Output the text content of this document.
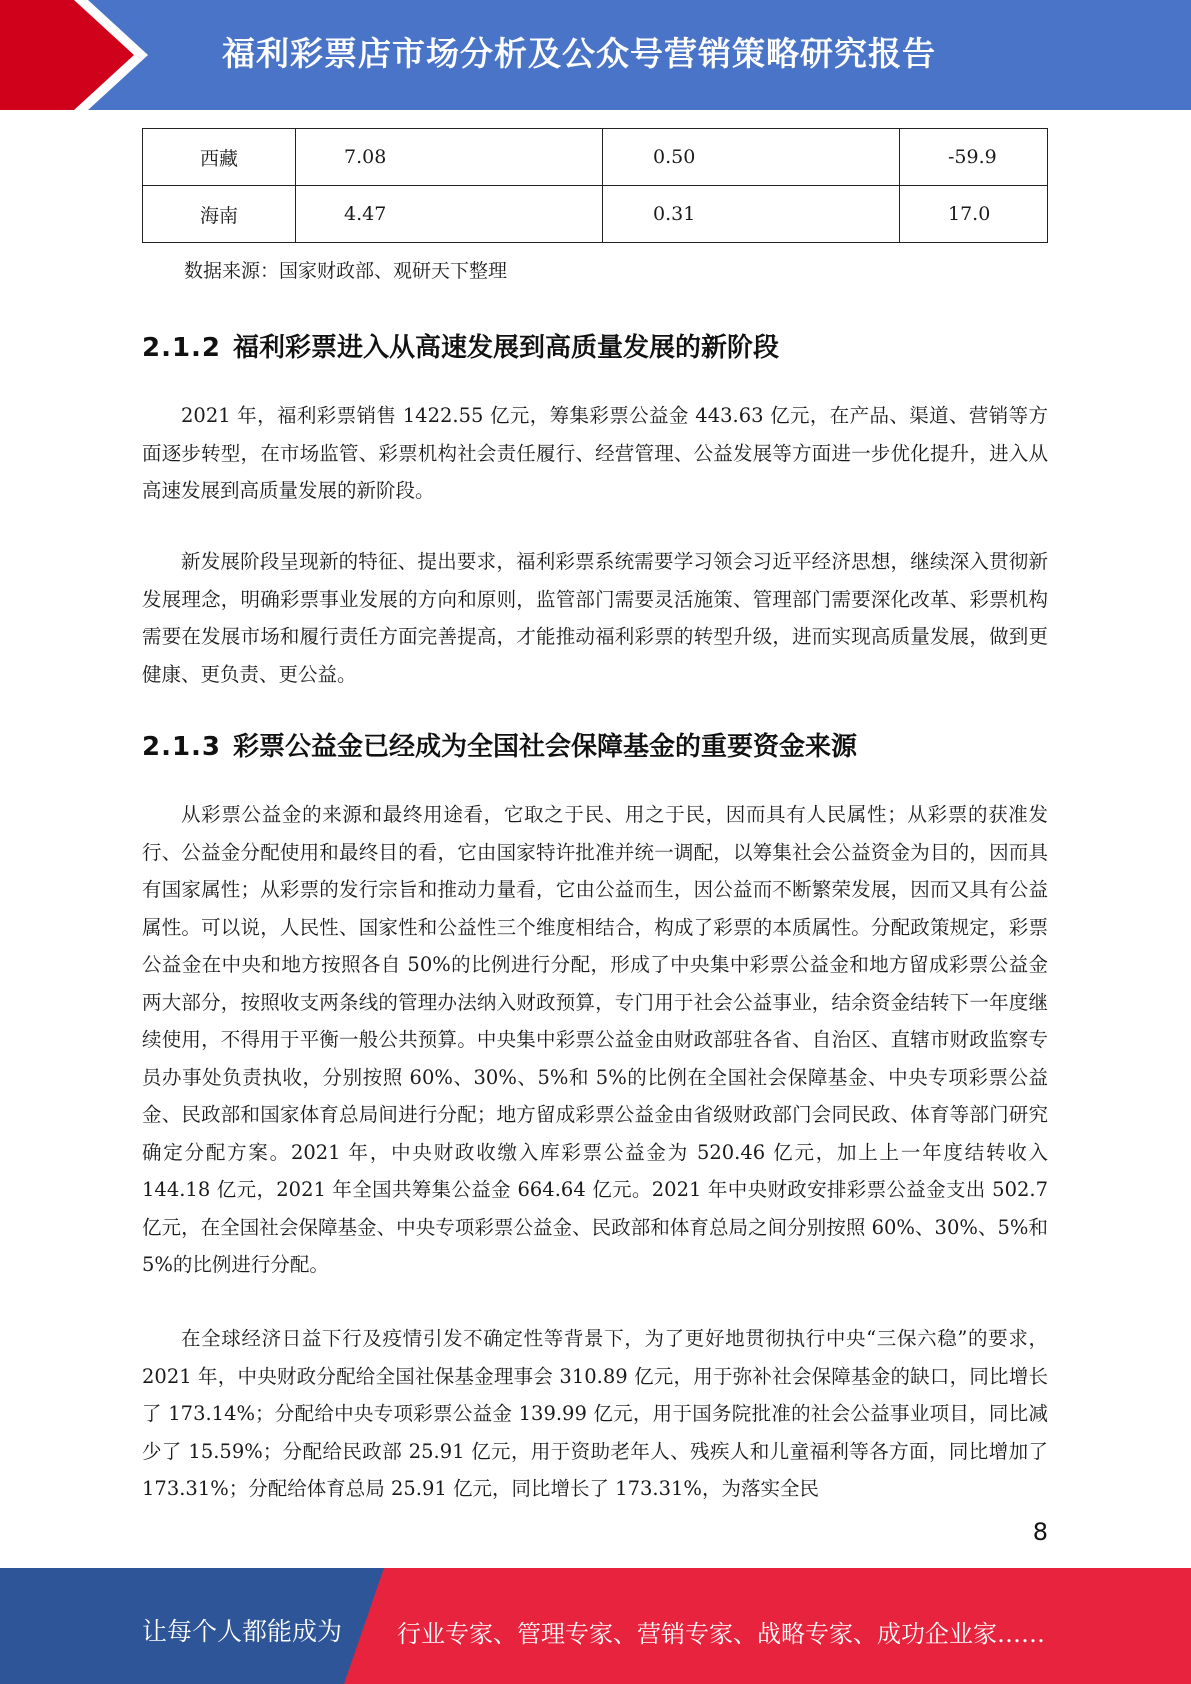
福利彩票店市场分析及公众号营销策略研究报告
西藏	7.08	0.50	-59.9
海南	4.47	0.31	17.0
数据来源：国家财政部、观研天下整理
2.1.2 福利彩票进入从高速发展到高质量发展的新阶段

2021 年，福利彩票销售 1422.55 亿元，筹集彩票公益金 443.63 亿元，在产品、渠道、营销等方面逐步转型，在市场监管、彩票机构社会责任履行、经营管理、公益发展等方面进一步优化提升，进入从高速发展到高质量发展的新阶段。

新发展阶段呈现新的特征、提出要求，福利彩票系统需要学习领会习近平经济思想，继续深入贯彻新发展理念，明确彩票事业发展的方向和原则，监管部门需要灵活施策、管理部门需要深化改革、彩票机构需要在发展市场和履行责任方面完善提高，才能推动福利彩票的转型升级，进而实现高质量发展，做到更健康、更负责、更公益。

2.1.3 彩票公益金已经成为全国社会保障基金的重要资金来源

从彩票公益金的来源和最终用途看，它取之于民、用之于民，因而具有人民属性；从彩票的获准发行、公益金分配使用和最终目的看，它由国家特许批准并统一调配，以筹集社会公益资金为目的，因而具有国家属性；从彩票的发行宗旨和推动力量看，它由公益而生，因公益而不断繁荣发展，因而又具有公益属性。可以说，人民性、国家性和公益性三个维度相结合，构成了彩票的本质属性。分配政策规定，彩票公益金在中央和地方按照各自 50%的比例进行分配，形成了中央集中彩票公益金和地方留成彩票公益金两大部分，按照收支两条线的管理办法纳入财政预算，专门用于社会公益事业，结余资金结转下一年度继续使用，不得用于平衡一般公共预算。中央集中彩票公益金由财政部驻各省、自治区、直辖市财政监察专员办事处负责执收，分别按照 60%、30%、5%和 5%的比例在全国社会保障基金、中央专项彩票公益金、民政部和国家体育总局间进行分配；地方留成彩票公益金由省级财政部门会同民政、体育等部门研究确定分配方案。2021 年，中央财政收缴入库彩票公益金为 520.46 亿元，加上上一年度结转收入 144.18 亿元，2021 年全国共筹集公益金 664.64 亿元。2021 年中央财政安排彩票公益金支出 502.7 亿元，在全国社会保障基金、中央专项彩票公益金、民政部和体育总局之间分别按照 60%、30%、5%和 5%的比例进行分配。

在全球经济日益下行及疫情引发不确定性等背景下，为了更好地贯彻执行中央“三保六稳”的要求，2021 年，中央财政分配给全国社保基金理事会 310.89 亿元，用于弥补社会保障基金的缺口，同比增长了 173.14%；分配给中央专项彩票公益金 139.99 亿元，用于国务院批准的社会公益事业项目，同比减少了 15.59%；分配给民政部 25.91 亿元，用于资助老年人、残疾人和儿童福利等各方面，同比增加了 173.31%；分配给体育总局 25.91 亿元，同比增长了 173.31%，为落实全民

8
让每个人都能成为 行业专家、管理专家、营销专家、战略专家、成功企业家……
